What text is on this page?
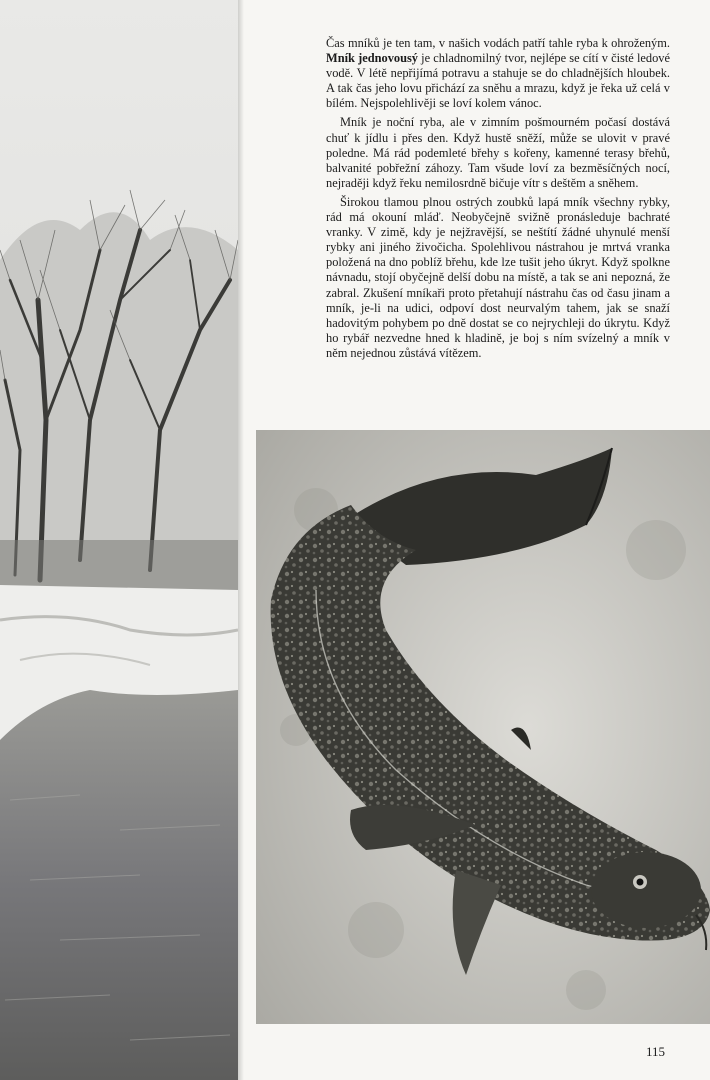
Čas mníků je ten tam, v našich vodách patří tahle ryba k ohroženým. Mník jednovousý je chladnomilný tvor, nejlépe se cítí v čisté ledové vodě. V létě nepřijímá potravu a stahuje se do chladnějších hloubek. A tak čas jeho lovu přichází za sněhu a mrazu, když je řeka už celá v bílém. Nejspolehlivěji se loví kolem vánoc.

Mník je noční ryba, ale v zimním pošmourném počasí dostává chuť k jídlu i přes den. Když hustě sněží, může se ulovit v pravé poledne. Má rád podemleté břehy s kořeny, kamenné terasy břehů, balvanité pobřežní záhozy. Tam všude loví za bezměsíčných nocí, nejraději když řeku nemilosrdně bičuje vítr s deštěm a sněhem.

Širokou tlamou plnou ostrých zoubků lapá mník všechny rybky, rád má okouní mláď. Neobyčejně svižně pronásleduje bachraté vranky. V zimě, kdy je nejžravější, se neštítí žádné uhynulé menší rybky ani jiného živočicha. Spolehlivou nástrahou je mrtvá vranka položená na dno poblíž břehu, kde lze tušit jeho úkryt. Když spolkne návnadu, stojí obyčejně delší dobu na místě, a tak se ani nepozná, že zabral. Zkušení mníkaři proto přetahují nástrahu čas od času jinam a mník, je-li na udici, odpoví dost neurvalým tahem, jak se snaží hadovitým pohybem po dně dostat se co nejrychleji do úkrytu. Když ho rybář nezvedne hned k hladině, je boj s ním svízelný a mník v něm nejednou zůstává vítězem.

115
